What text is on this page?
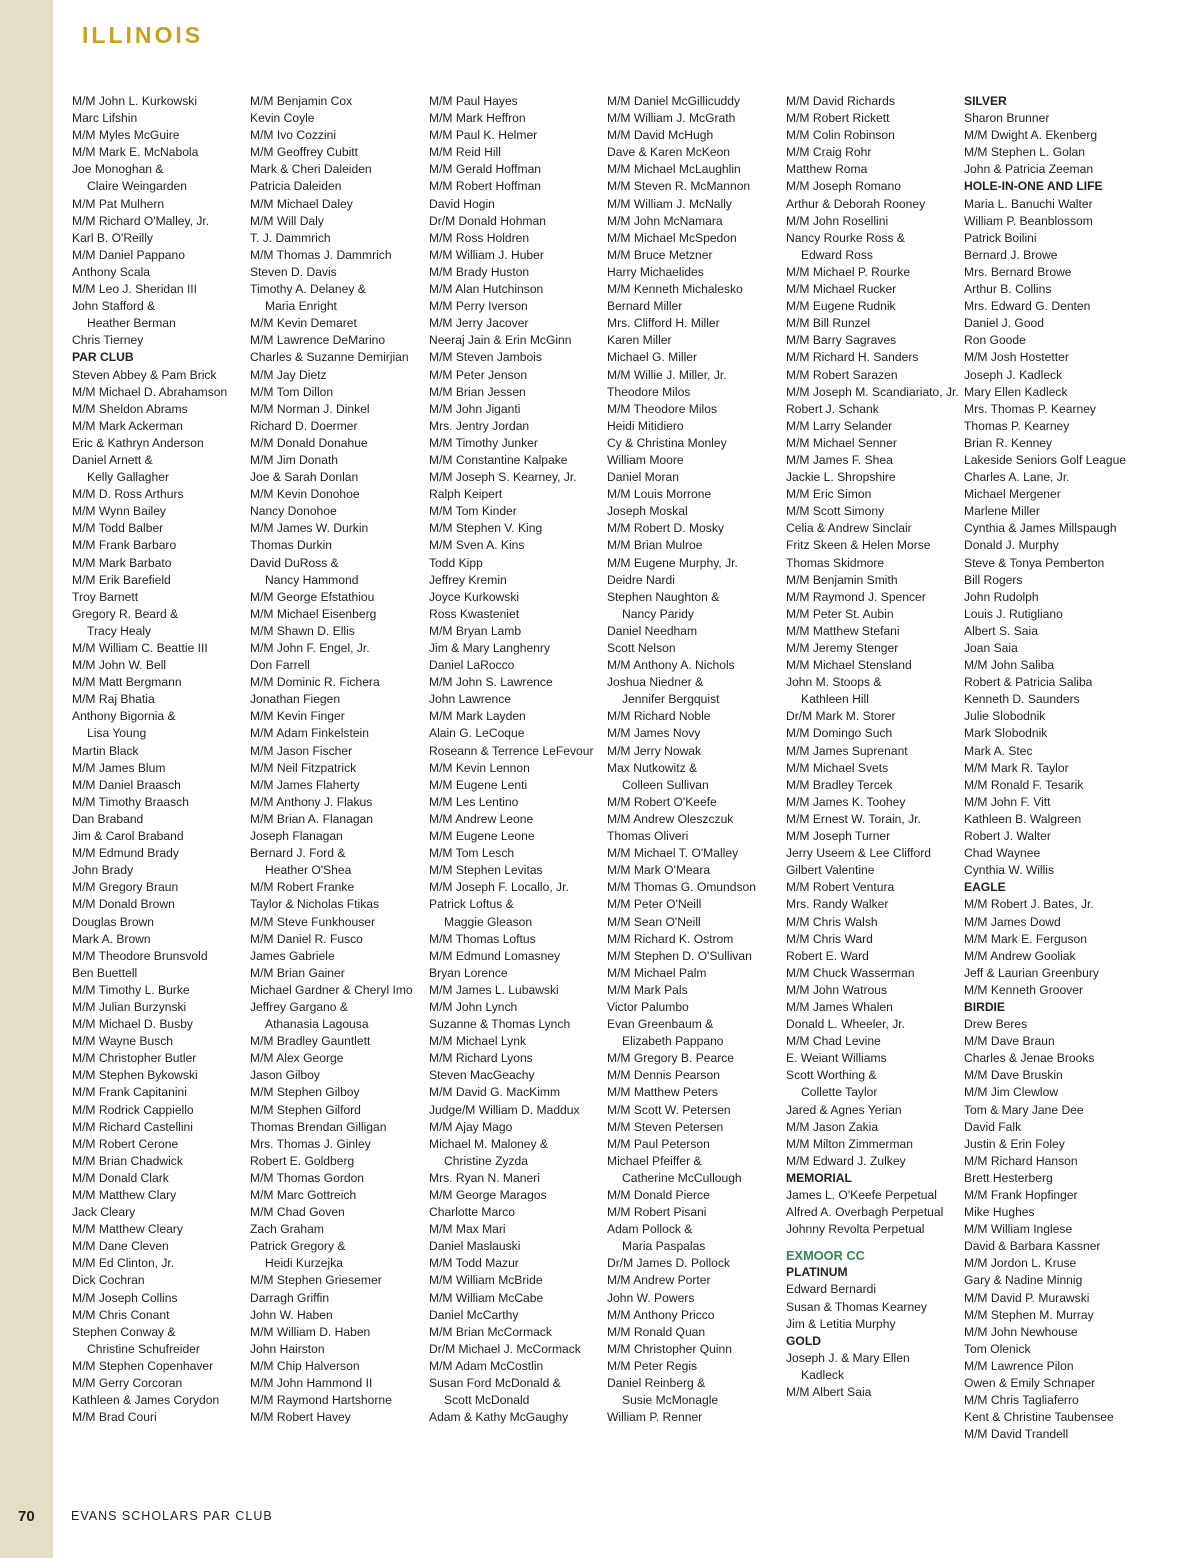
ILLINOIS
M/M John L. Kurkowski
Marc Lifshin
M/M Myles McGuire
M/M Mark E. McNabola
Joe Monoghan &
Claire Weingarden
M/M Pat Mulhern
M/M Richard O'Malley, Jr.
Karl B. O'Reilly
M/M Daniel Pappano
Anthony Scala
M/M Leo J. Sheridan III
John Stafford &
Heather Berman
Chris Tierney
PAR CLUB
Steven Abbey & Pam Brick
M/M Michael D. Abrahamson
M/M Sheldon Abrams
M/M Mark Ackerman
Eric & Kathryn Anderson
Daniel Arnett &
Kelly Gallagher
M/M D. Ross Arthurs
M/M Wynn Bailey
M/M Todd Balber
M/M Frank Barbaro
M/M Mark Barbato
M/M Erik Barefield
Troy Barnett
Gregory R. Beard &
Tracy Healy
M/M William C. Beattie III
M/M John W. Bell
M/M Matt Bergmann
M/M Raj Bhatia
Anthony Bigornia &
Lisa Young
Martin Black
M/M James Blum
M/M Daniel Braasch
M/M Timothy Braasch
Dan Braband
Jim & Carol Braband
M/M Edmund Brady
John Brady
M/M Gregory Braun
M/M Donald Brown
Douglas Brown
Mark A. Brown
M/M Theodore Brunsvold
Ben Buettell
M/M Timothy L. Burke
M/M Julian Burzynski
M/M Michael D. Busby
M/M Wayne Busch
M/M Christopher Butler
M/M Stephen Bykowski
M/M Frank Capitanini
M/M Rodrick Cappiello
M/M Richard Castellini
M/M Robert Cerone
M/M Brian Chadwick
M/M Donald Clark
M/M Matthew Clary
Jack Cleary
M/M Matthew Cleary
M/M Dane Cleven
M/M Ed Clinton, Jr.
Dick Cochran
M/M Joseph Collins
M/M Chris Conant
Stephen Conway &
Christine Schufreider
M/M Stephen Copenhaver
M/M Gerry Corcoran
Kathleen & James Corydon
M/M Brad Couri
M/M Benjamin Cox
Kevin Coyle
M/M Ivo Cozzini
M/M Geoffrey Cubitt
Mark & Cheri Daleiden
Patricia Daleiden
M/M Michael Daley
M/M Will Daly
T. J. Dammrich
M/M Thomas J. Dammrich
Steven D. Davis
Timothy A. Delaney &
Maria Enright
M/M Kevin Demaret
M/M Lawrence DeMarino
Charles & Suzanne Demirjian
M/M Jay Dietz
M/M Tom Dillon
M/M Norman J. Dinkel
Richard D. Doermer
M/M Donald Donahue
M/M Jim Donath
Joe & Sarah Donlan
M/M Kevin Donohoe
Nancy Donohoe
M/M James W. Durkin
Thomas Durkin
David DuRoss &
Nancy Hammond
M/M George Efstathiou
M/M Michael Eisenberg
M/M Shawn D. Ellis
M/M John F. Engel, Jr.
Don Farrell
M/M Dominic R. Fichera
Jonathan Fiegen
M/M Kevin Finger
M/M Adam Finkelstein
M/M Jason Fischer
M/M Neil Fitzpatrick
M/M James Flaherty
M/M Anthony J. Flakus
M/M Brian A. Flanagan
Joseph Flanagan
Bernard J. Ford &
Heather O'Shea
M/M Robert Franke
Taylor & Nicholas Ftikas
M/M Steve Funkhouser
M/M Daniel R. Fusco
James Gabriele
M/M Brian Gainer
Michael Gardner & Cheryl Imo
Jeffrey Gargano &
Athanasia Lagousa
M/M Bradley Gauntlett
M/M Alex George
Jason Gilboy
M/M Stephen Gilboy
M/M Stephen Gilford
Thomas Brendan Gilligan
Mrs. Thomas J. Ginley
Robert E. Goldberg
M/M Thomas Gordon
M/M Marc Gottreich
M/M Chad Goven
Zach Graham
Patrick Gregory &
Heidi Kurzejka
M/M Stephen Griesemer
Darragh Griffin
John W. Haben
M/M William D. Haben
John Hairston
M/M Chip Halverson
M/M John Hammond II
M/M Raymond Hartshorne
M/M Robert Havey
M/M Paul Hayes
M/M Mark Heffron
M/M Paul K. Helmer
M/M Reid Hill
M/M Gerald Hoffman
M/M Robert Hoffman
David Hogin
Dr/M Donald Hohman
M/M Ross Holdren
M/M William J. Huber
M/M Brady Huston
M/M Alan Hutchinson
M/M Perry Iverson
M/M Jerry Jacover
Neeraj Jain & Erin McGinn
M/M Steven Jambois
M/M Peter Jenson
M/M Brian Jessen
M/M John Jiganti
Mrs. Jentry Jordan
M/M Timothy Junker
M/M Constantine Kalpake
M/M Joseph S. Kearney, Jr.
Ralph Keipert
M/M Tom Kinder
M/M Stephen V. King
M/M Sven A. Kins
Todd Kipp
Jeffrey Kremin
Joyce Kurkowski
Ross Kwasteniet
M/M Bryan Lamb
Jim & Mary Langhenry
Daniel LaRocco
M/M John S. Lawrence
John Lawrence
M/M Mark Layden
Alain G. LeCoque
Roseann & Terrence LeFevour
M/M Kevin Lennon
M/M Eugene Lenti
M/M Les Lentino
M/M Andrew Leone
M/M Eugene Leone
M/M Tom Lesch
M/M Stephen Levitas
M/M Joseph F. Locallo, Jr.
Patrick Loftus &
Maggie Gleason
M/M Thomas Loftus
M/M Edmund Lomasney
Bryan Lorence
M/M James L. Lubawski
M/M John Lynch
Suzanne & Thomas Lynch
M/M Michael Lynk
M/M Richard Lyons
Steven MacGeachy
M/M David G. MacKimm
Judge/M William D. Maddux
M/M Ajay Mago
Michael M. Maloney &
Christine Zyzda
Mrs. Ryan N. Maneri
M/M George Maragos
Charlotte Marco
M/M Max Mari
Daniel Maslauski
M/M Todd Mazur
M/M William McBride
M/M William McCabe
Daniel McCarthy
M/M Brian McCormack
Dr/M Michael J. McCormack
M/M Adam McCostlin
Susan Ford McDonald &
Scott McDonald
Adam & Kathy McGaughy
M/M Daniel McGillicuddy
M/M William J. McGrath
M/M David McHugh
Dave & Karen McKeon
M/M Michael McLaughlin
M/M Steven R. McMannon
M/M William J. McNally
M/M John McNamara
M/M Michael McSpedon
M/M Bruce Metzner
Harry Michaelides
M/M Kenneth Michalesko
Bernard Miller
Mrs. Clifford H. Miller
Karen Miller
Michael G. Miller
M/M Willie J. Miller, Jr.
Theodore Milos
M/M Theodore Milos
Heidi Mitidiero
Cy & Christina Monley
William Moore
Daniel Moran
M/M Louis Morrone
Joseph Moskal
M/M Robert D. Mosky
M/M Brian Mulroe
M/M Eugene Murphy, Jr.
Deidre Nardi
Stephen Naughton &
Nancy Paridy
Daniel Needham
Scott Nelson
M/M Anthony A. Nichols
Joshua Niedner &
Jennifer Bergquist
M/M Richard Noble
M/M James Novy
M/M Jerry Nowak
Max Nutkowitz &
Colleen Sullivan
M/M Robert O'Keefe
M/M Andrew Oleszczuk
Thomas Oliveri
M/M Michael T. O'Malley
M/M Mark O'Meara
M/M Thomas G. Omundson
M/M Peter O'Neill
M/M Sean O'Neill
M/M Richard K. Ostrom
M/M Stephen D. O'Sullivan
M/M Michael Palm
M/M Mark Pals
Victor Palumbo
Evan Greenbaum &
Elizabeth Pappano
M/M Gregory B. Pearce
M/M Dennis Pearson
M/M Matthew Peters
M/M Scott W. Petersen
M/M Steven Petersen
M/M Paul Peterson
Michael Pfeiffer &
Catherine McCullough
M/M Donald Pierce
M/M Robert Pisani
Adam Pollock &
Maria Paspalas
Dr/M James D. Pollock
M/M Andrew Porter
John W. Powers
M/M Anthony Pricco
M/M Ronald Quan
M/M Christopher Quinn
M/M Peter Regis
Daniel Reinberg &
Susie McMonagle
William P. Renner
M/M David Richards
M/M Robert Rickett
M/M Colin Robinson
M/M Craig Rohr
Matthew Roma
M/M Joseph Romano
Arthur & Deborah Rooney
M/M John Rosellini
Nancy Rourke Ross &
Edward Ross
M/M Michael P. Rourke
M/M Michael Rucker
M/M Eugene Rudnik
M/M Bill Runzel
M/M Barry Sagraves
M/M Richard H. Sanders
M/M Robert Sarazen
M/M Joseph M. Scandiariato, Jr.
Robert J. Schank
M/M Larry Selander
M/M Michael Senner
M/M James F. Shea
Jackie L. Shropshire
M/M Eric Simon
M/M Scott Simony
Celia & Andrew Sinclair
Fritz Skeen & Helen Morse
Thomas Skidmore
M/M Benjamin Smith
M/M Raymond J. Spencer
M/M Peter St. Aubin
M/M Matthew Stefani
M/M Jeremy Stenger
M/M Michael Stensland
John M. Stoops &
Kathleen Hill
Dr/M Mark M. Storer
M/M Domingo Such
M/M James Suprenant
M/M Michael Svets
M/M Bradley Tercek
M/M James K. Toohey
M/M Ernest W. Torain, Jr.
M/M Joseph Turner
Jerry Useem & Lee Clifford
Gilbert Valentine
M/M Robert Ventura
Mrs. Randy Walker
M/M Chris Walsh
M/M Chris Ward
Robert E. Ward
M/M Chuck Wasserman
M/M John Watrous
M/M James Whalen
Donald L. Wheeler, Jr.
M/M Chad Levine
E. Weiant Williams
Scott Worthing &
Collette Taylor
Jared & Agnes Yerian
M/M Jason Zakia
M/M Milton Zimmerman
M/M Edward J. Zulkey
MEMORIAL
James L. O'Keefe Perpetual
Alfred A. Overbagh Perpetual
Johnny Revolta Perpetual
EXMOOR CC
PLATINUM
Edward Bernardi
Susan & Thomas Kearney
Jim & Letitia Murphy
GOLD
Joseph J. & Mary Ellen
Kadleck
M/M Albert Saia
SILVER
Sharon Brunner
M/M Dwight A. Ekenberg
M/M Stephen L. Golan
John & Patricia Zeeman
HOLE-IN-ONE AND LIFE
Maria L. Banuchi Walter
William P. Beanblossom
Patrick Boilini
Bernard J. Browe
Mrs. Bernard Browe
Arthur B. Collins
Mrs. Edward G. Denten
Daniel J. Good
Ron Goode
M/M Josh Hostetter
Joseph J. Kadleck
Mary Ellen Kadleck
Mrs. Thomas P. Kearney
Thomas P. Kearney
Brian R. Kenney
Lakeside Seniors Golf League
Charles A. Lane, Jr.
Michael Mergener
Marlene Miller
Cynthia & James Millspaugh
Donald J. Murphy
Steve & Tonya Pemberton
Bill Rogers
John Rudolph
Louis J. Rutigliano
Albert S. Saia
Joan Saia
M/M John Saliba
Robert & Patricia Saliba
Kenneth D. Saunders
Julie Slobodnik
Mark Slobodnik
Mark A. Stec
M/M Mark R. Taylor
M/M Ronald F. Tesarik
M/M John F. Vitt
Kathleen B. Walgreen
Robert J. Walter
Chad Waynee
Cynthia W. Willis
EAGLE
M/M Robert J. Bates, Jr.
M/M James Dowd
M/M Mark E. Ferguson
M/M Andrew Gooliak
Jeff & Laurian Greenbury
M/M Kenneth Groover
BIRDIE
Drew Beres
M/M Dave Braun
Charles & Jenae Brooks
M/M Dave Bruskin
M/M Jim Clewlow
Tom & Mary Jane Dee
David Falk
Justin & Erin Foley
M/M Richard Hanson
Brett Hesterberg
M/M Frank Hopfinger
Mike Hughes
M/M William Inglese
David & Barbara Kassner
M/M Jordon L. Kruse
Gary & Nadine Minnig
M/M David P. Murawski
M/M Stephen M. Murray
M/M John Newhouse
Tom Olenick
M/M Lawrence Pilon
Owen & Emily Schnaper
M/M Chris Tagliaferro
Kent & Christine Taubensee
M/M David Trandell
70	EVANS SCHOLARS PAR CLUB
